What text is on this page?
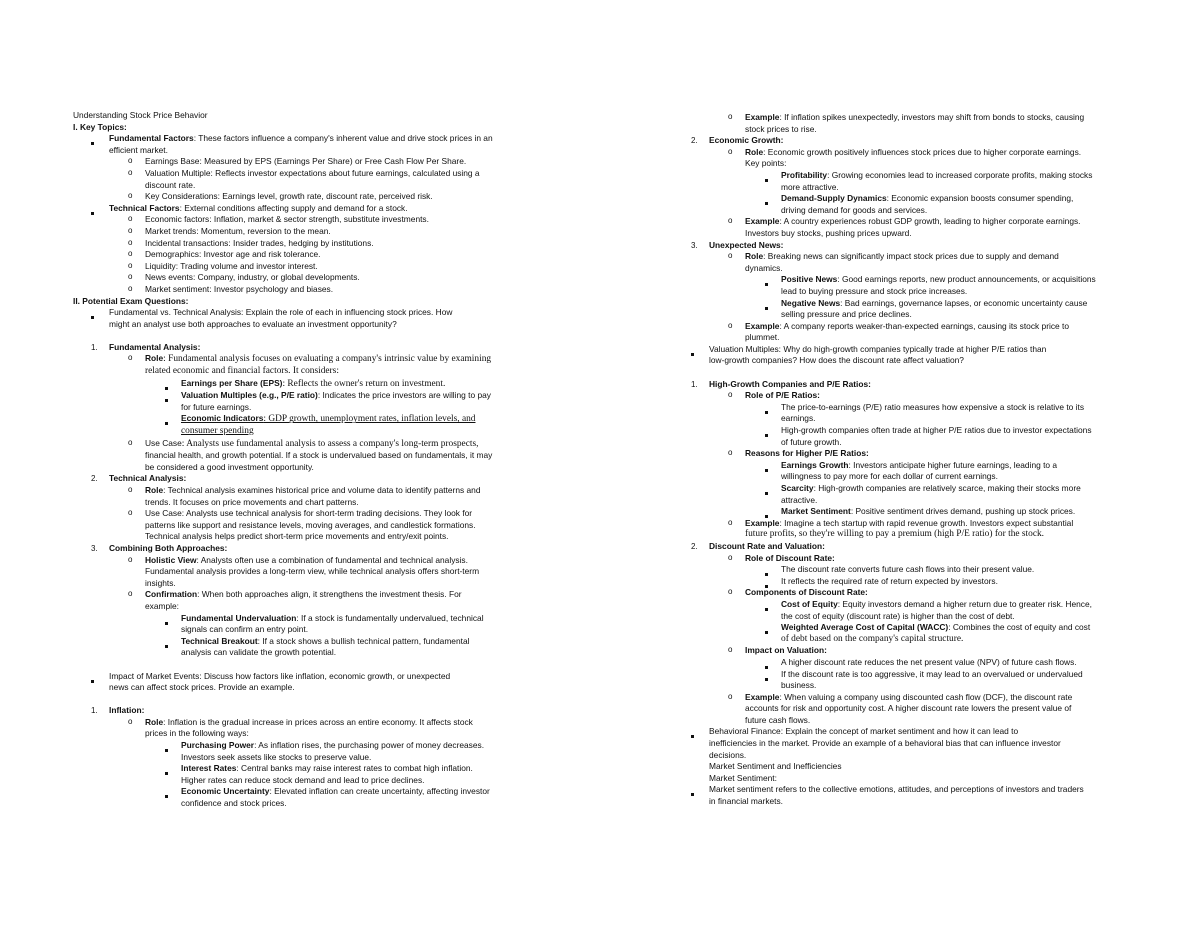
Understanding Stock Price Behavior
I. Key Topics:
Fundamental Factors: These factors influence a company's inherent value and drive stock prices in an
efficient market.
o Earnings Base: Measured by EPS (Earnings Per Share) or Free Cash Flow Per Share.
o Valuation Multiple: Reflects investor expectations about future earnings, calculated using a
discount rate.
o Key Considerations: Earnings level, growth rate, discount rate, perceived risk.
Technical Factors: External conditions affecting supply and demand for a stock.
o Economic factors: Inflation, market & sector strength, substitute investments.
o Market trends: Momentum, reversion to the mean.
o Incidental transactions: Insider trades, hedging by institutions.
o Demographics: Investor age and risk tolerance.
o Liquidity: Trading volume and investor interest.
o News events: Company, industry, or global developments.
o Market sentiment: Investor psychology and biases.
II. Potential Exam Questions:
Fundamental vs. Technical Analysis: Explain the role of each in influencing stock prices. How
might an analyst use both approaches to evaluate an investment opportunity?
1. Fundamental Analysis:
o Role: Fundamental analysis focuses on evaluating a company's intrinsic value by examining
related economic and financial factors. It considers:
Earnings per Share (EPS): Reflects the owner's return on investment.
Valuation Multiples (e.g., P/E ratio): Indicates the price investors are willing to pay
for future earnings.
Economic Indicators: GDP growth, unemployment rates, inflation levels, and
consumer spending
o Use Case: Analysts use fundamental analysis to assess a company's long-term prospects,
financial health, and growth potential. If a stock is undervalued based on fundamentals, it may
be considered a good investment opportunity.
2. Technical Analysis:
o Role: Technical analysis examines historical price and volume data to identify patterns and
trends. It focuses on price movements and chart patterns.
o Use Case: Analysts use technical analysis for short-term trading decisions. They look for
patterns like support and resistance levels, moving averages, and candlestick formations.
Technical analysis helps predict short-term price movements and entry/exit points.
3. Combining Both Approaches:
o Holistic View: Analysts often use a combination of fundamental and technical analysis.
Fundamental analysis provides a long-term view, while technical analysis offers short-term
insights.
o Confirmation: When both approaches align, it strengthens the investment thesis. For
example:
Fundamental Undervaluation: If a stock is fundamentally undervalued, technical
signals can confirm an entry point.
Technical Breakout: If a stock shows a bullish technical pattern, fundamental
analysis can validate the growth potential.
Impact of Market Events: Discuss how factors like inflation, economic growth, or unexpected
news can affect stock prices. Provide an example.
1. Inflation:
o Role: Inflation is the gradual increase in prices across an entire economy. It affects stock
prices in the following ways:
Purchasing Power: As inflation rises, the purchasing power of money decreases.
Investors seek assets like stocks to preserve value.
Interest Rates: Central banks may raise interest rates to combat high inflation.
Higher rates can reduce stock demand and lead to price declines.
Economic Uncertainty: Elevated inflation can create uncertainty, affecting investor
confidence and stock prices.
o Example: If inflation spikes unexpectedly, investors may shift from bonds to stocks, causing
stock prices to rise.
2. Economic Growth:
o Role: Economic growth positively influences stock prices due to higher corporate earnings.
Key points:
Profitability: Growing economies lead to increased corporate profits, making stocks
more attractive.
Demand-Supply Dynamics: Economic expansion boosts consumer spending,
driving demand for goods and services.
o Example: A country experiences robust GDP growth, leading to higher corporate earnings.
Investors buy stocks, pushing prices upward.
3. Unexpected News:
o Role: Breaking news can significantly impact stock prices due to supply and demand
dynamics.
Positive News: Good earnings reports, new product announcements, or acquisitions
lead to buying pressure and stock price increases.
Negative News: Bad earnings, governance lapses, or economic uncertainty cause
selling pressure and price declines.
o Example: A company reports weaker-than-expected earnings, causing its stock price to
plummet.
Valuation Multiples: Why do high-growth companies typically trade at higher P/E ratios than
low-growth companies? How does the discount rate affect valuation?
1. High-Growth Companies and P/E Ratios:
o Role of P/E Ratios:
The price-to-earnings (P/E) ratio measures how expensive a stock is relative to its
earnings.
High-growth companies often trade at higher P/E ratios due to investor expectations
of future growth.
o Reasons for Higher P/E Ratios:
Earnings Growth: Investors anticipate higher future earnings, leading to a
willingness to pay more for each dollar of current earnings.
Scarcity: High-growth companies are relatively scarce, making their stocks more
attractive.
Market Sentiment: Positive sentiment drives demand, pushing up stock prices.
o Example: Imagine a tech startup with rapid revenue growth. Investors expect substantial
future profits, so they're willing to pay a premium (high P/E ratio) for the stock.
2. Discount Rate and Valuation:
o Role of Discount Rate:
The discount rate converts future cash flows into their present value.
It reflects the required rate of return expected by investors.
o Components of Discount Rate:
Cost of Equity: Equity investors demand a higher return due to greater risk. Hence,
the cost of equity (discount rate) is higher than the cost of debt.
Weighted Average Cost of Capital (WACC): Combines the cost of equity and cost
of debt based on the company's capital structure.
o Impact on Valuation:
A higher discount rate reduces the net present value (NPV) of future cash flows.
If the discount rate is too aggressive, it may lead to an overvalued or undervalued
business.
o Example: When valuing a company using discounted cash flow (DCF), the discount rate
accounts for risk and opportunity cost. A higher discount rate lowers the present value of
future cash flows.
Behavioral Finance: Explain the concept of market sentiment and how it can lead to
inefficiencies in the market. Provide an example of a behavioral bias that can influence investor
decisions.
Market Sentiment and Inefficiencies
Market Sentiment:
Market sentiment refers to the collective emotions, attitudes, and perceptions of investors and traders
in financial markets.
